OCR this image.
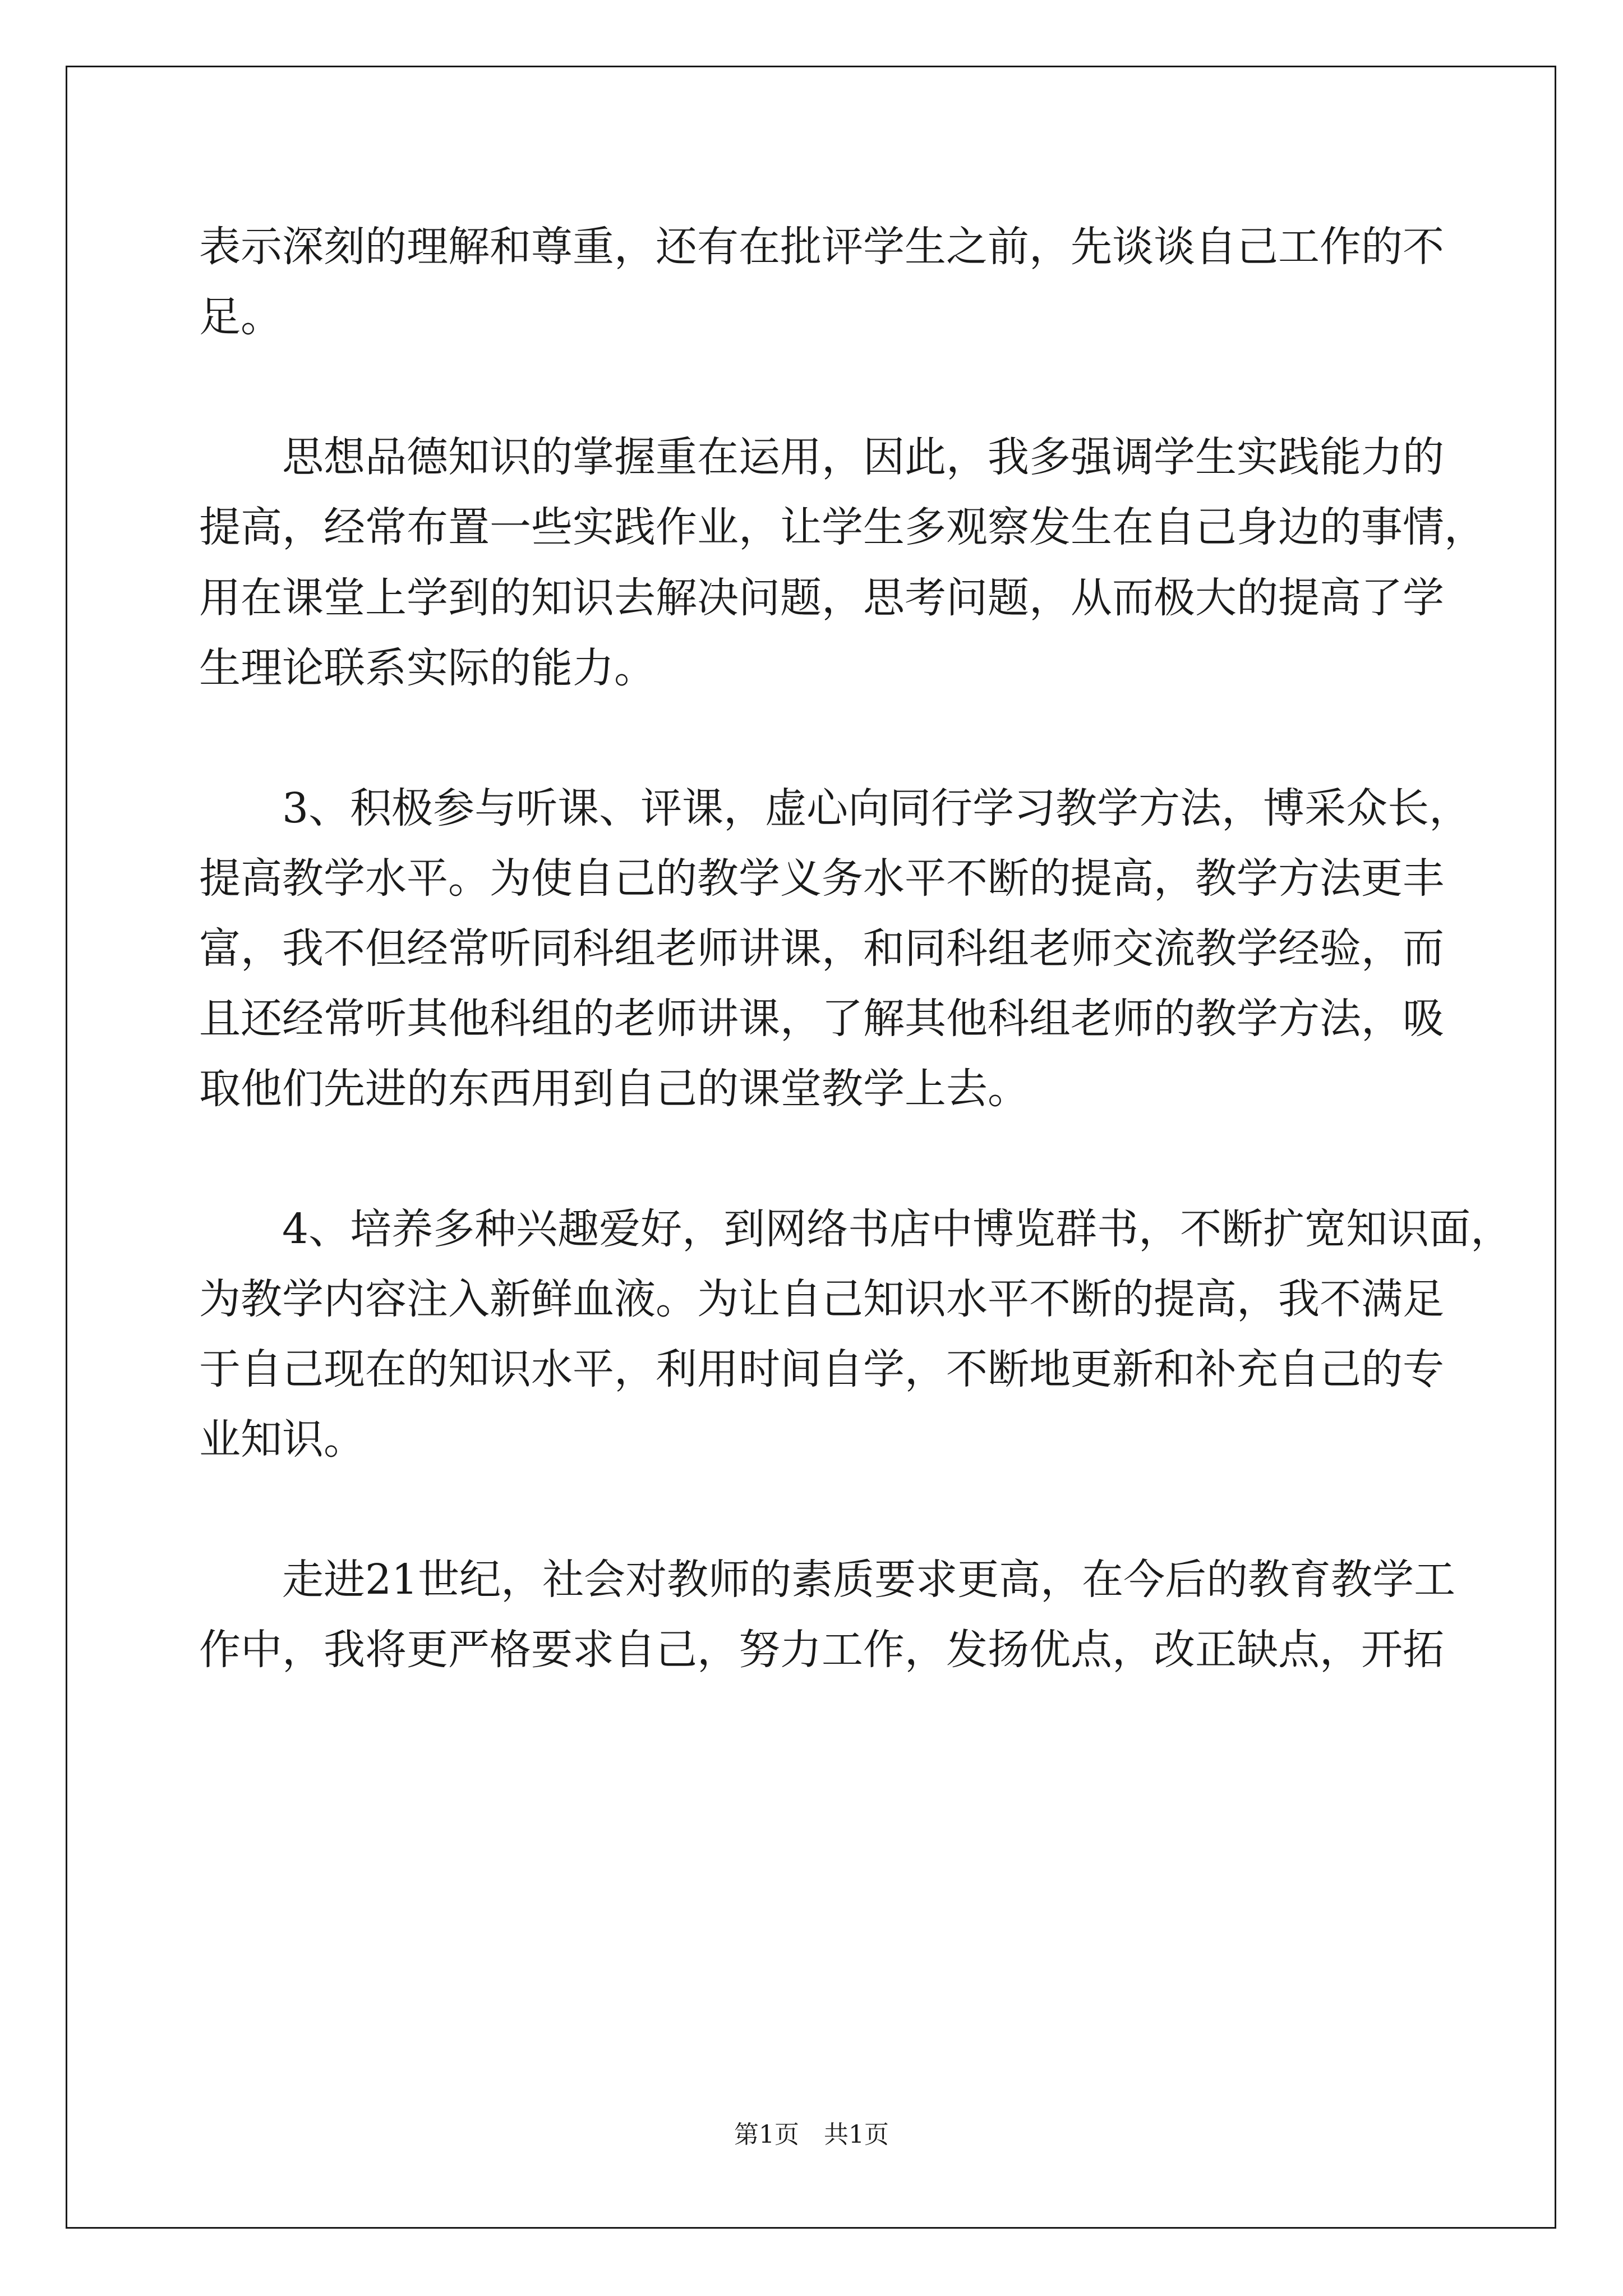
表示深刻的理解和尊重，还有在批评学生之前，先谈谈自己工作的不

足。

思想品德知识的掌握重在运用，因此，我多强调学生实践能力的

提高，经常布置一些实践作业，让学生多观察发生在自己身边的事情，

用在课堂上学到的知识去解决问题，思考问题，从而极大的提高了学

生理论联系实际的能力。

3、积极参与听课、评课，虚心向同行学习教学方法，博采众长，

提高教学水平。为使自己的教学义务水平不断的提高，教学方法更丰

富，我不但经常听同科组老师讲课，和同科组老师交流教学经验，而

且还经常听其他科组的老师讲课，了解其他科组老师的教学方法，吸

取他们先进的东西用到自己的课堂教学上去。

4、培养多种兴趣爱好，到网络书店中博览群书，不断扩宽知识面，

为教学内容注入新鲜血液。为让自己知识水平不断的提高，我不满足

于自己现在的知识水平，利用时间自学，不断地更新和补充自己的专

业知识。

走进21世纪，社会对教师的素质要求更高，在今后的教育教学工

作中，我将更严格要求自己，努力工作，发扬优点，改正缺点，开拓

第1页　共1页
